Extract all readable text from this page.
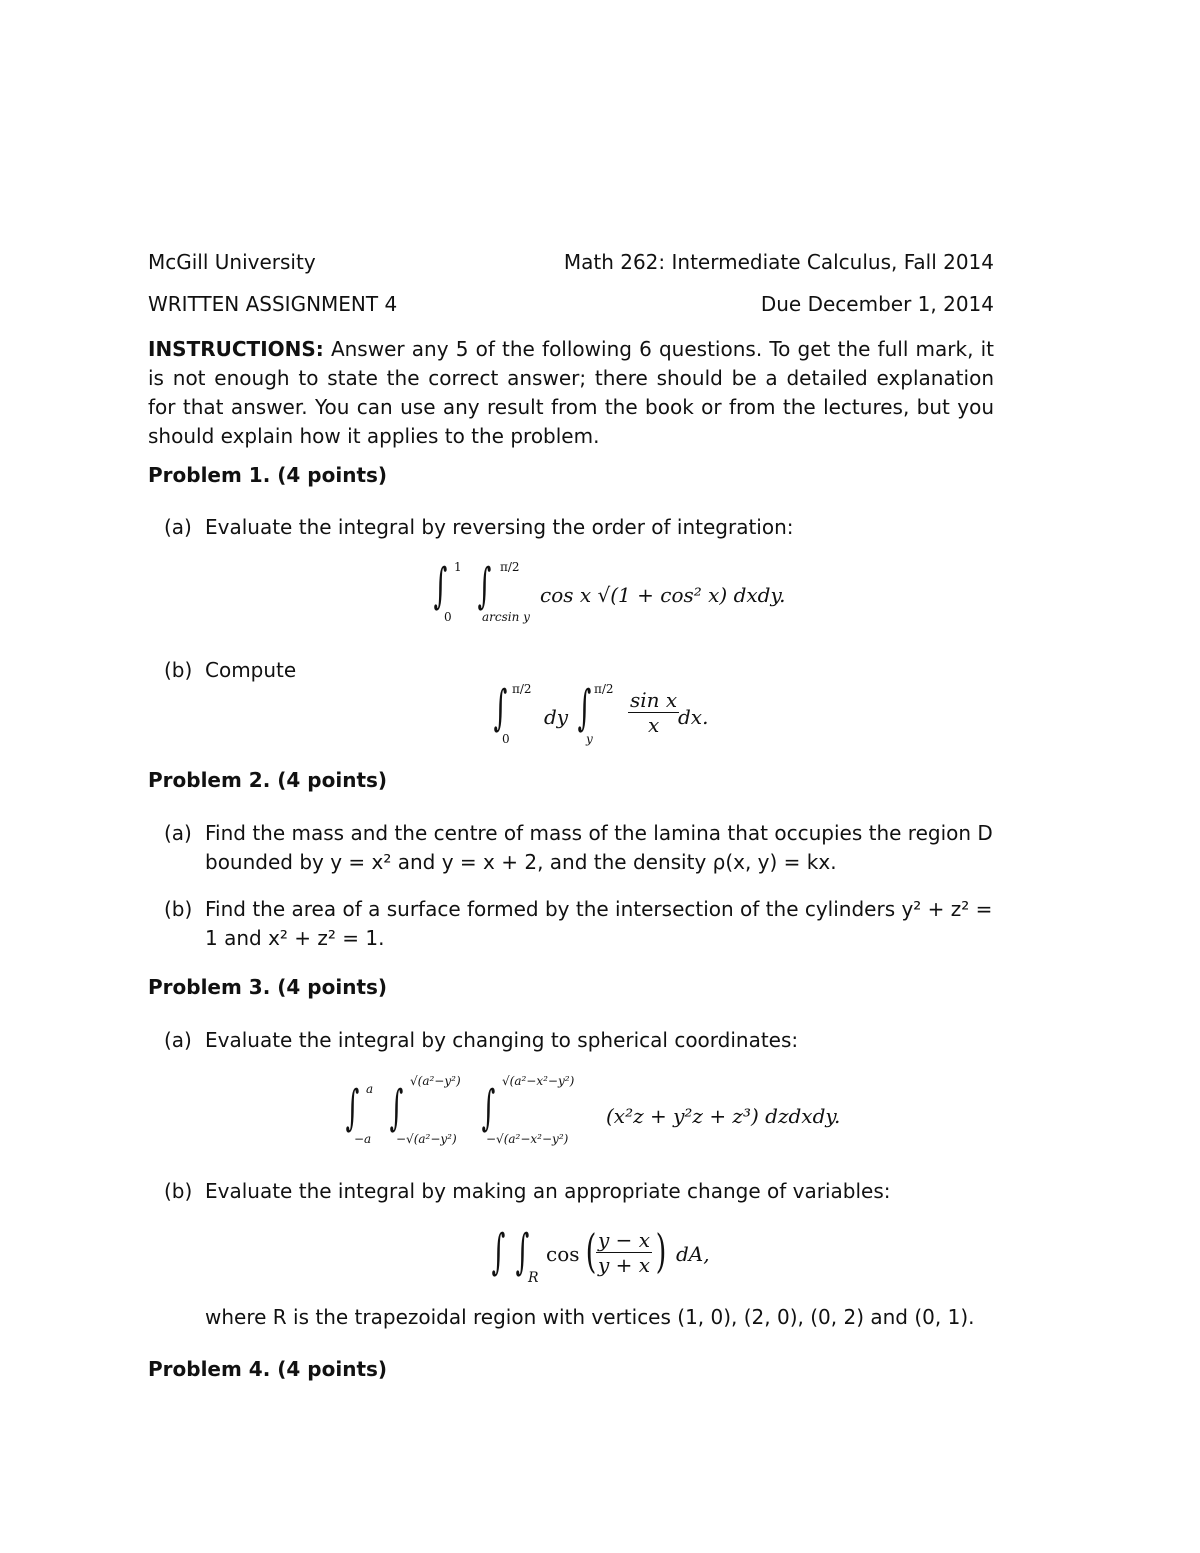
McGill University	Math 262: Intermediate Calculus, Fall 2014
WRITTEN ASSIGNMENT 4	Due December 1, 2014
INSTRUCTIONS: Answer any 5 of the following 6 questions. To get the full mark, it is not enough to state the correct answer; there should be a detailed explanation for that answer. You can use any result from the book or from the lectures, but you should explain how it applies to the problem.
Problem 1. (4 points)
(a) Evaluate the integral by reversing the order of integration:
∫ 1
0
∫ π/2
arcsin y
cos x √(1 + cos² x) dxdy.
(b) Compute
∫ π/2
0
dy ∫ π/2
y
$\frac{\text{sin x}}{x}$
dx.
Problem 2. (4 points)
(a) Find the mass and the centre of mass of the lamina that occupies the region D bounded by y = x² and y = x + 2, and the density ρ(x, y) = kx.
(b) Find the area of a surface formed by the intersection of the cylinders y² + z² = 1 and x² + z² = 1.
Problem 3. (4 points)
(a) Evaluate the integral by changing to spherical coordinates:
∫ a
−a
∫ √(a²−y²)
−√(a²−y²)
∫ √(a²−x²−y²)
−√(a²−x²−y²)
(x²z + y²z + z³) dzdxdy.
(b) Evaluate the integral by making an appropriate change of variables:
∫ ∫
R
cos ( $\frac{y - x}{y + x}$ ) dA,
where R is the trapezoidal region with vertices (1, 0), (2, 0), (0, 2) and (0, 1).
Problem 4. (4 points)
